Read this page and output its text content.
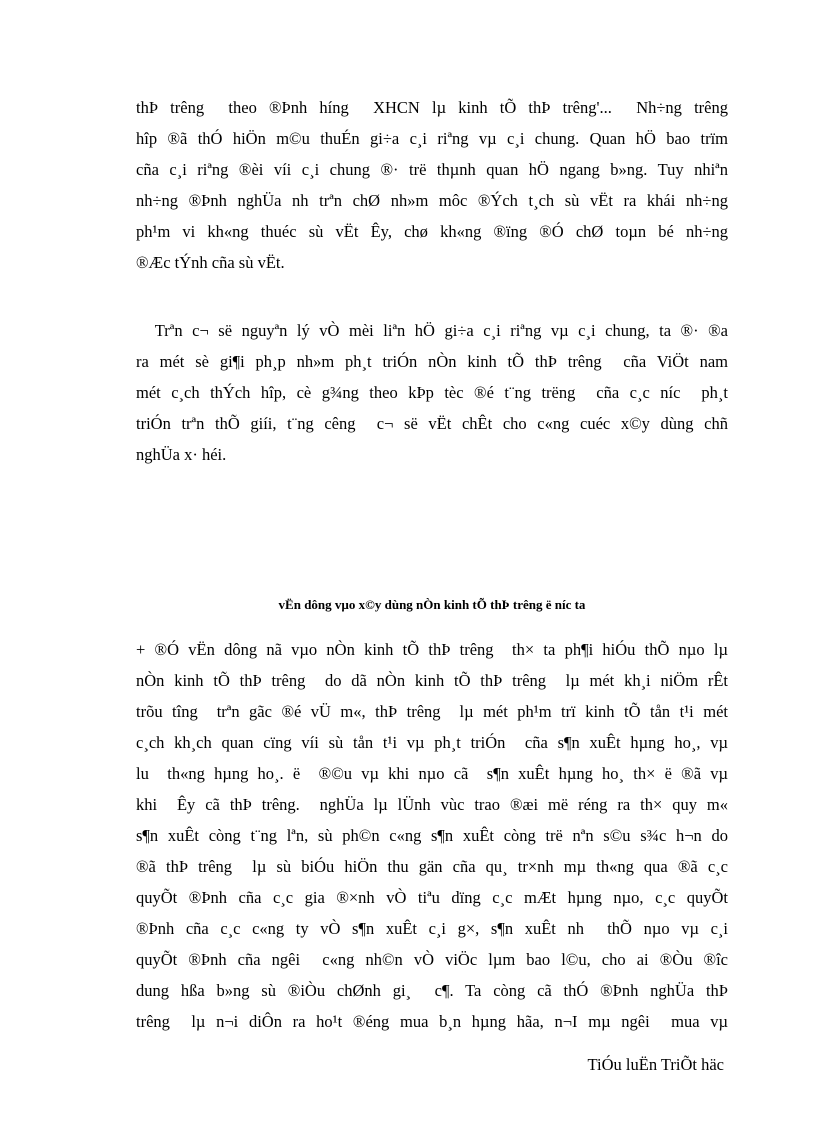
thÞ trêng  theo ®Þnh híng  XHCN lµ kinh tÕ thÞ trêng'...  Nh÷ng trêng
hîp ®ã thÓ hiÖn m©u thuÉn gi÷a c¸i riªng vµ c¸i chung. Quan hÖ bao trïm
cña c¸i riªng ®èi víi c¸i chung ®· trë thµnh quan hÖ ngang b»ng. Tuy nhiªn
nh÷ng ®Þnh nghÜa nh trªn chØ nh»m môc ®Ých t¸ch sù vËt ra khái nh÷ng
ph¹m vi kh«ng thuéc sù vËt Êy, chø kh«ng ®ïng ®Ó chØ toµn bé nh÷ng
®Æc tÝnh cña sù vËt.
Trªn c¬ së nguyªn lý vÒ mèi liªn hÖ gi÷a c¸i riªng vµ c¸i chung, ta ®· ®a
ra mét sè gi¶i ph¸p nh»m ph¸t triÓn nÒn kinh tÕ thÞ trêng  cña ViÖt nam
mét c¸ch thÝch hîp, cè g¾ng theo kÞp tèc ®é t¨ng trëng  cña c¸c níc  ph¸t
triÓn trªn thÕ giíi, t¨ng cêng  c¬ së vËt chÊt cho c«ng cuéc x©y dùng chñ
nghÜa x· héi.
vËn dông vµo x©y dùng nÒn kinh tÕ thÞ trêng ë níc ta
+ ®Ó vËn dông nã vµo nÒn kinh tÕ thÞ trêng  th× ta ph¶i hiÓu thÕ nµo lµ
nÒn kinh tÕ thÞ trêng  do dã nÒn kinh tÕ thÞ trêng  lµ mét kh¸i niÖm rÊt
trõu tîng  trªn gãc ®é vÜ m«, thÞ trêng  lµ mét ph¹m trï kinh tÕ tån t¹i mét
c¸ch kh¸ch quan cïng víi sù tån t¹i vµ ph¸t triÓn  cña s¶n xuÊt hµng ho¸, vµ
lu  th«ng hµng ho¸. ë  ®©u vµ khi nµo cã  s¶n xuÊt hµng ho¸ th× ë ®ã vµ
khi  Êy cã thÞ trêng.  nghÜa lµ lÜnh vùc trao ®æi më réng ra th× quy m«
s¶n xuÊt còng t¨ng lªn, sù ph©n c«ng s¶n xuÊt còng trë nªn s©u s¾c h¬n do
®ã thÞ trêng  lµ sù biÓu hiÖn thu gän cña qu¸ tr×nh mµ th«ng qua ®ã c¸c
quyÕt ®Þnh cña c¸c gia ®×nh vÒ tiªu dïng c¸c mÆt hµng nµo, c¸c quyÕt
®Þnh cña c¸c c«ng ty vÒ s¶n xuÊt c¸i g×, s¶n xuÊt nh  thÕ nµo vµ c¸i
quyÕt ®Þnh cña ngêi  c«ng nh©n vÒ viÖc lµm bao l©u, cho ai ®Òu ®îc
dung hßa b»ng sù ®iÒu chØnh gi¸  c¶. Ta còng cã thÓ ®Þnh nghÜa thÞ
trêng  lµ n¬i diÔn ra ho¹t ®éng mua b¸n hµng hãa, n¬I mµ ngêi  mua vµ
TiÓu luËn TriÕt häc
